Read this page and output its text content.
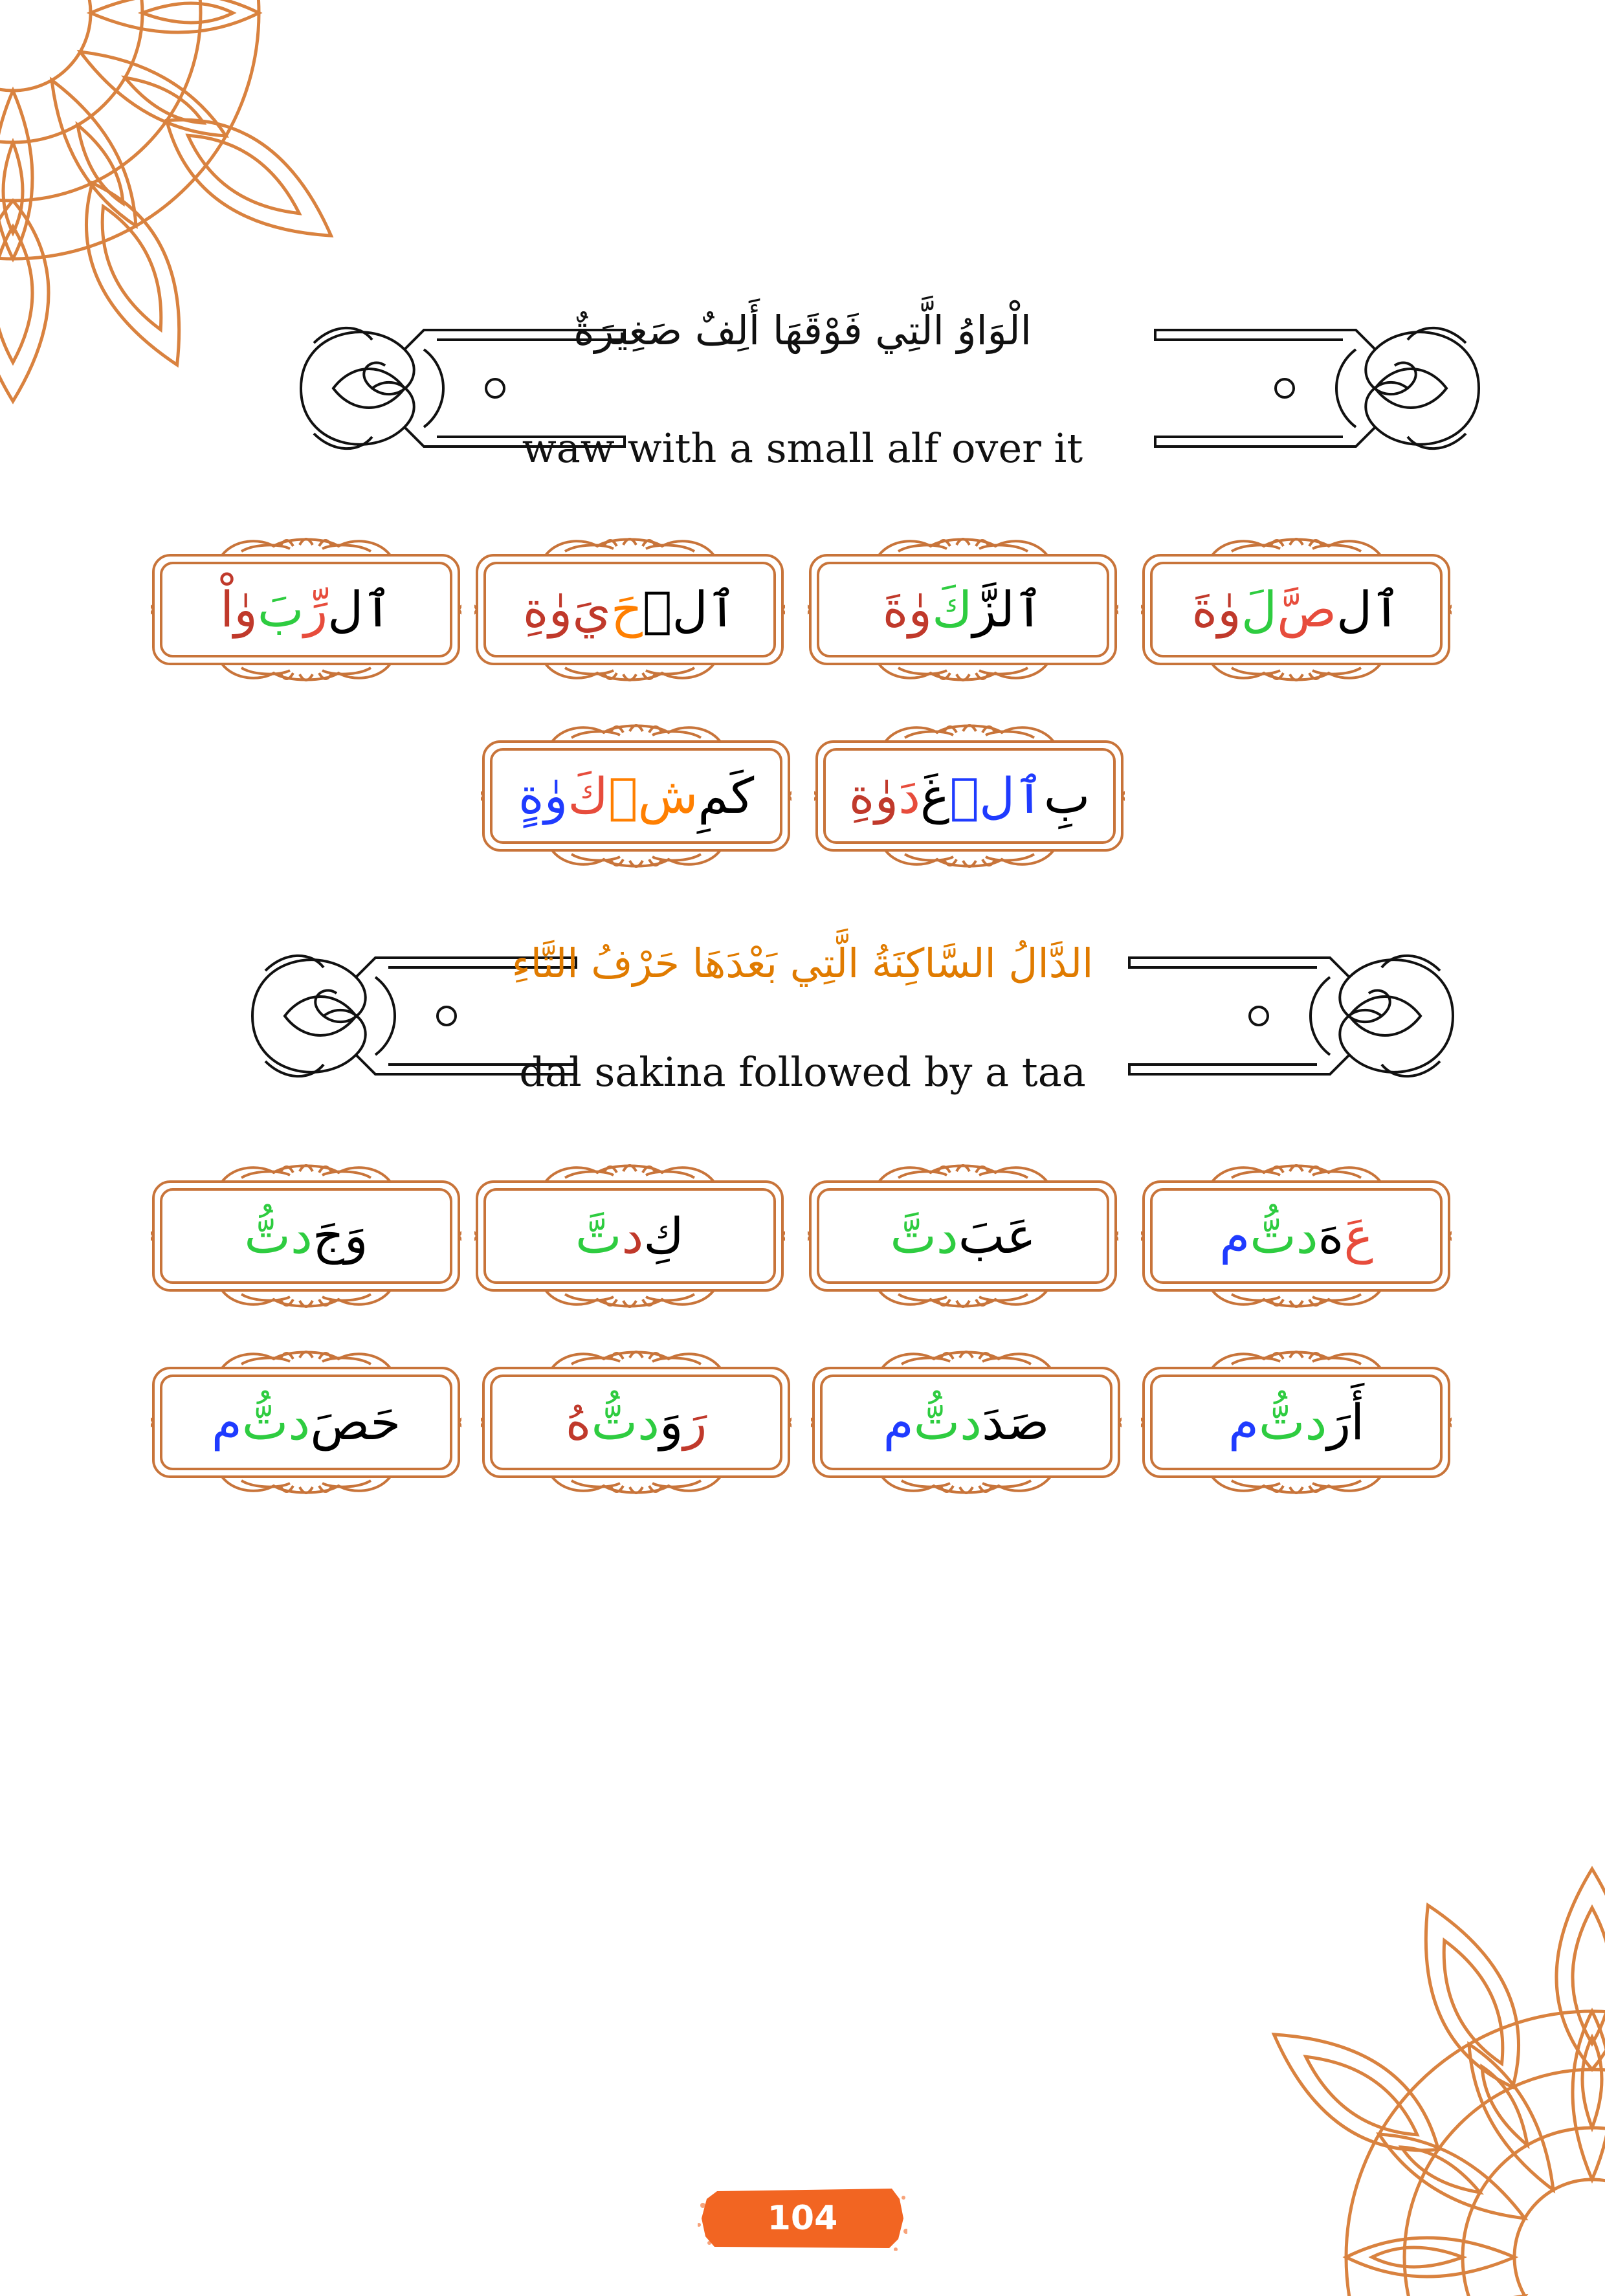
الْوَاوُ الَّتِي فَوْقَهَا أَلِفٌ صَغِيرَةٌ
waw with a small alf over it
الدَّالُ السَّاكِنَةُ الَّتِي بَعْدَهَا حَرْفُ التَّاءِ
dal sakina followed by a taa
ٱل
صَّ
لَ
وٰةَ
ٱلزَّ
كَ
وٰةَ
ٱلۡ
حَ
يَ
وٰةِ
ٱل
رِّ
بَ
وٰاْ
بِ
ٱلۡ
غَ
دَ
وٰةِ
كَمِ
شۡ
كَ
وٰةٍ
عَ
هَ
دتُّ
م
عَبَ
دتَّ
كِ
د
تَّ
وَجَ
دتُّ
أَرَ
دتُّ
م
صَدَ
دتُّ
م
رَ
وَ
دتُّ
هُ
حَصَ
دتُّ
م
104
